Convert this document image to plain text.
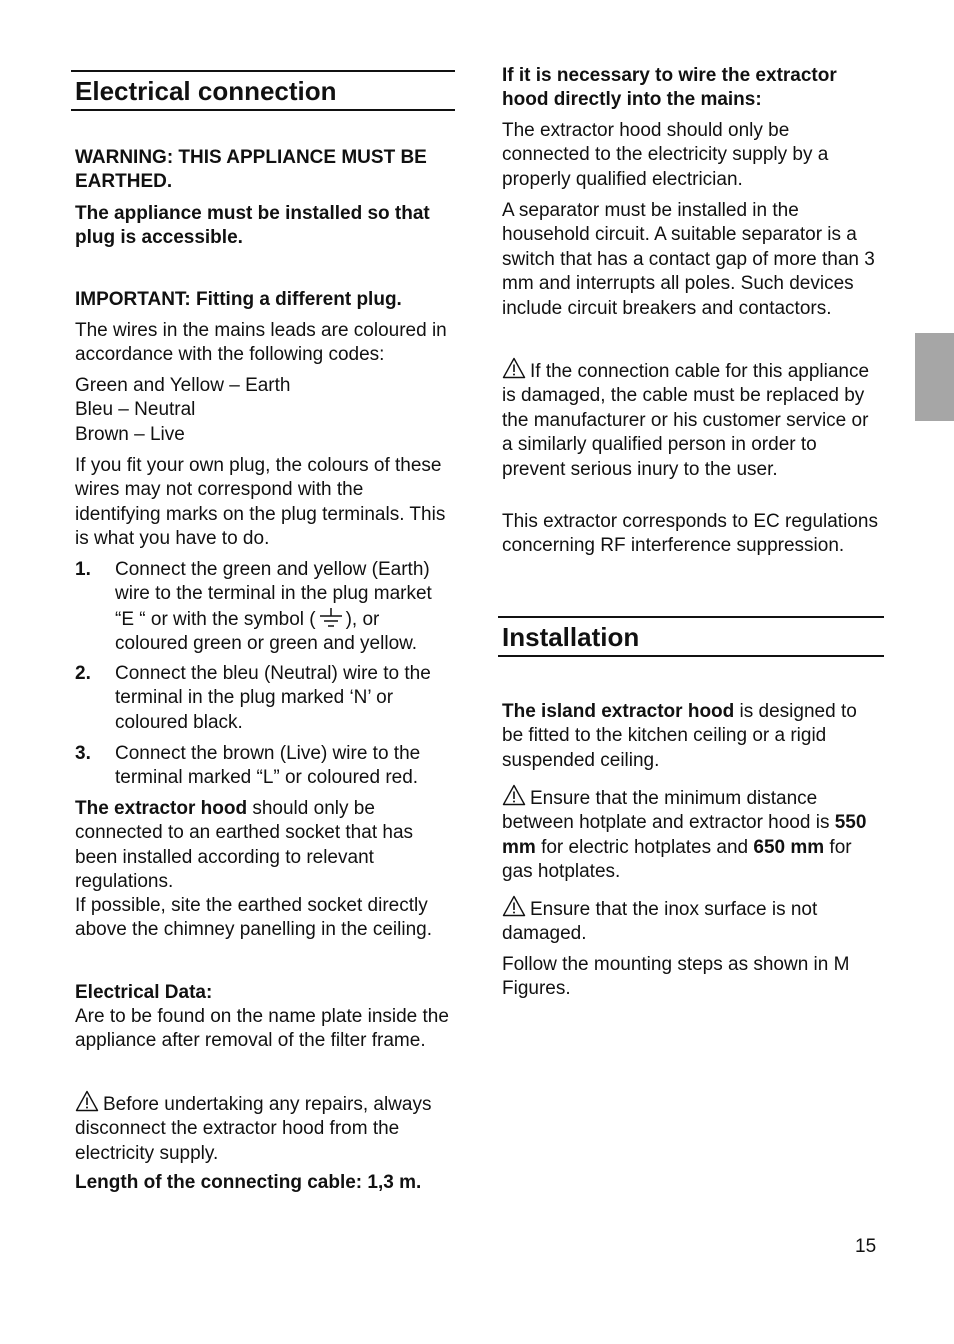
Electrical connection

WARNING: THIS APPLIANCE MUST BE EARTHED.

The appliance must be installed so that plug is accessible.

IMPORTANT: Fitting a different plug.

The wires in the mains leads are coloured in accordance with the following codes:

Green and Yellow – Earth

Bleu – Neutral

Brown – Live

If you fit your own plug, the colours of these wires may not correspond with the identifying marks on the plug terminals. This is what you have to do.

1. Connect the green and yellow (Earth) wire to the terminal in the plug market “E “ or with the symbol ( ), or coloured green or green and yellow.
2. Connect the bleu (Neutral) wire to the terminal in the plug marked ‘N’ or coloured black.
3. Connect the brown (Live) wire to the terminal marked “L” or coloured red.

The extractor hood should only be connected to an earthed socket that has been installed according to relevant regulations.

If possible, site the earthed socket directly above the chimney panelling in the ceiling.

Electrical Data:

Are to be found on the name plate inside the appliance after removal of the filter frame.

Before undertaking any repairs, always disconnect the extractor hood from the electricity supply.

Length of the connecting cable: 1,3 m.

If it is necessary to wire the extractor hood directly into the mains:

The extractor hood should only be connected to the electricity supply by a properly qualified electrician.

A separator must be installed in the household circuit. A suitable separator is a switch that has a contact gap of more than 3 mm and interrupts all poles. Such devices include circuit breakers and contactors.

If the connection cable for this appliance is damaged, the cable must be replaced by the manufacturer or his customer service or a similarly qualified person in order to prevent serious inury to the user.

This extractor corresponds to EC regulations concerning RF interference suppression.

Installation

The island extractor hood is designed to be fitted to the kitchen ceiling or a rigid suspended ceiling.

Ensure that the minimum distance between hotplate and extractor hood is 550 mm for electric hotplates and 650 mm for gas hotplates.

Ensure that the inox surface is not damaged.

Follow the mounting steps as shown in M Figures.

15
